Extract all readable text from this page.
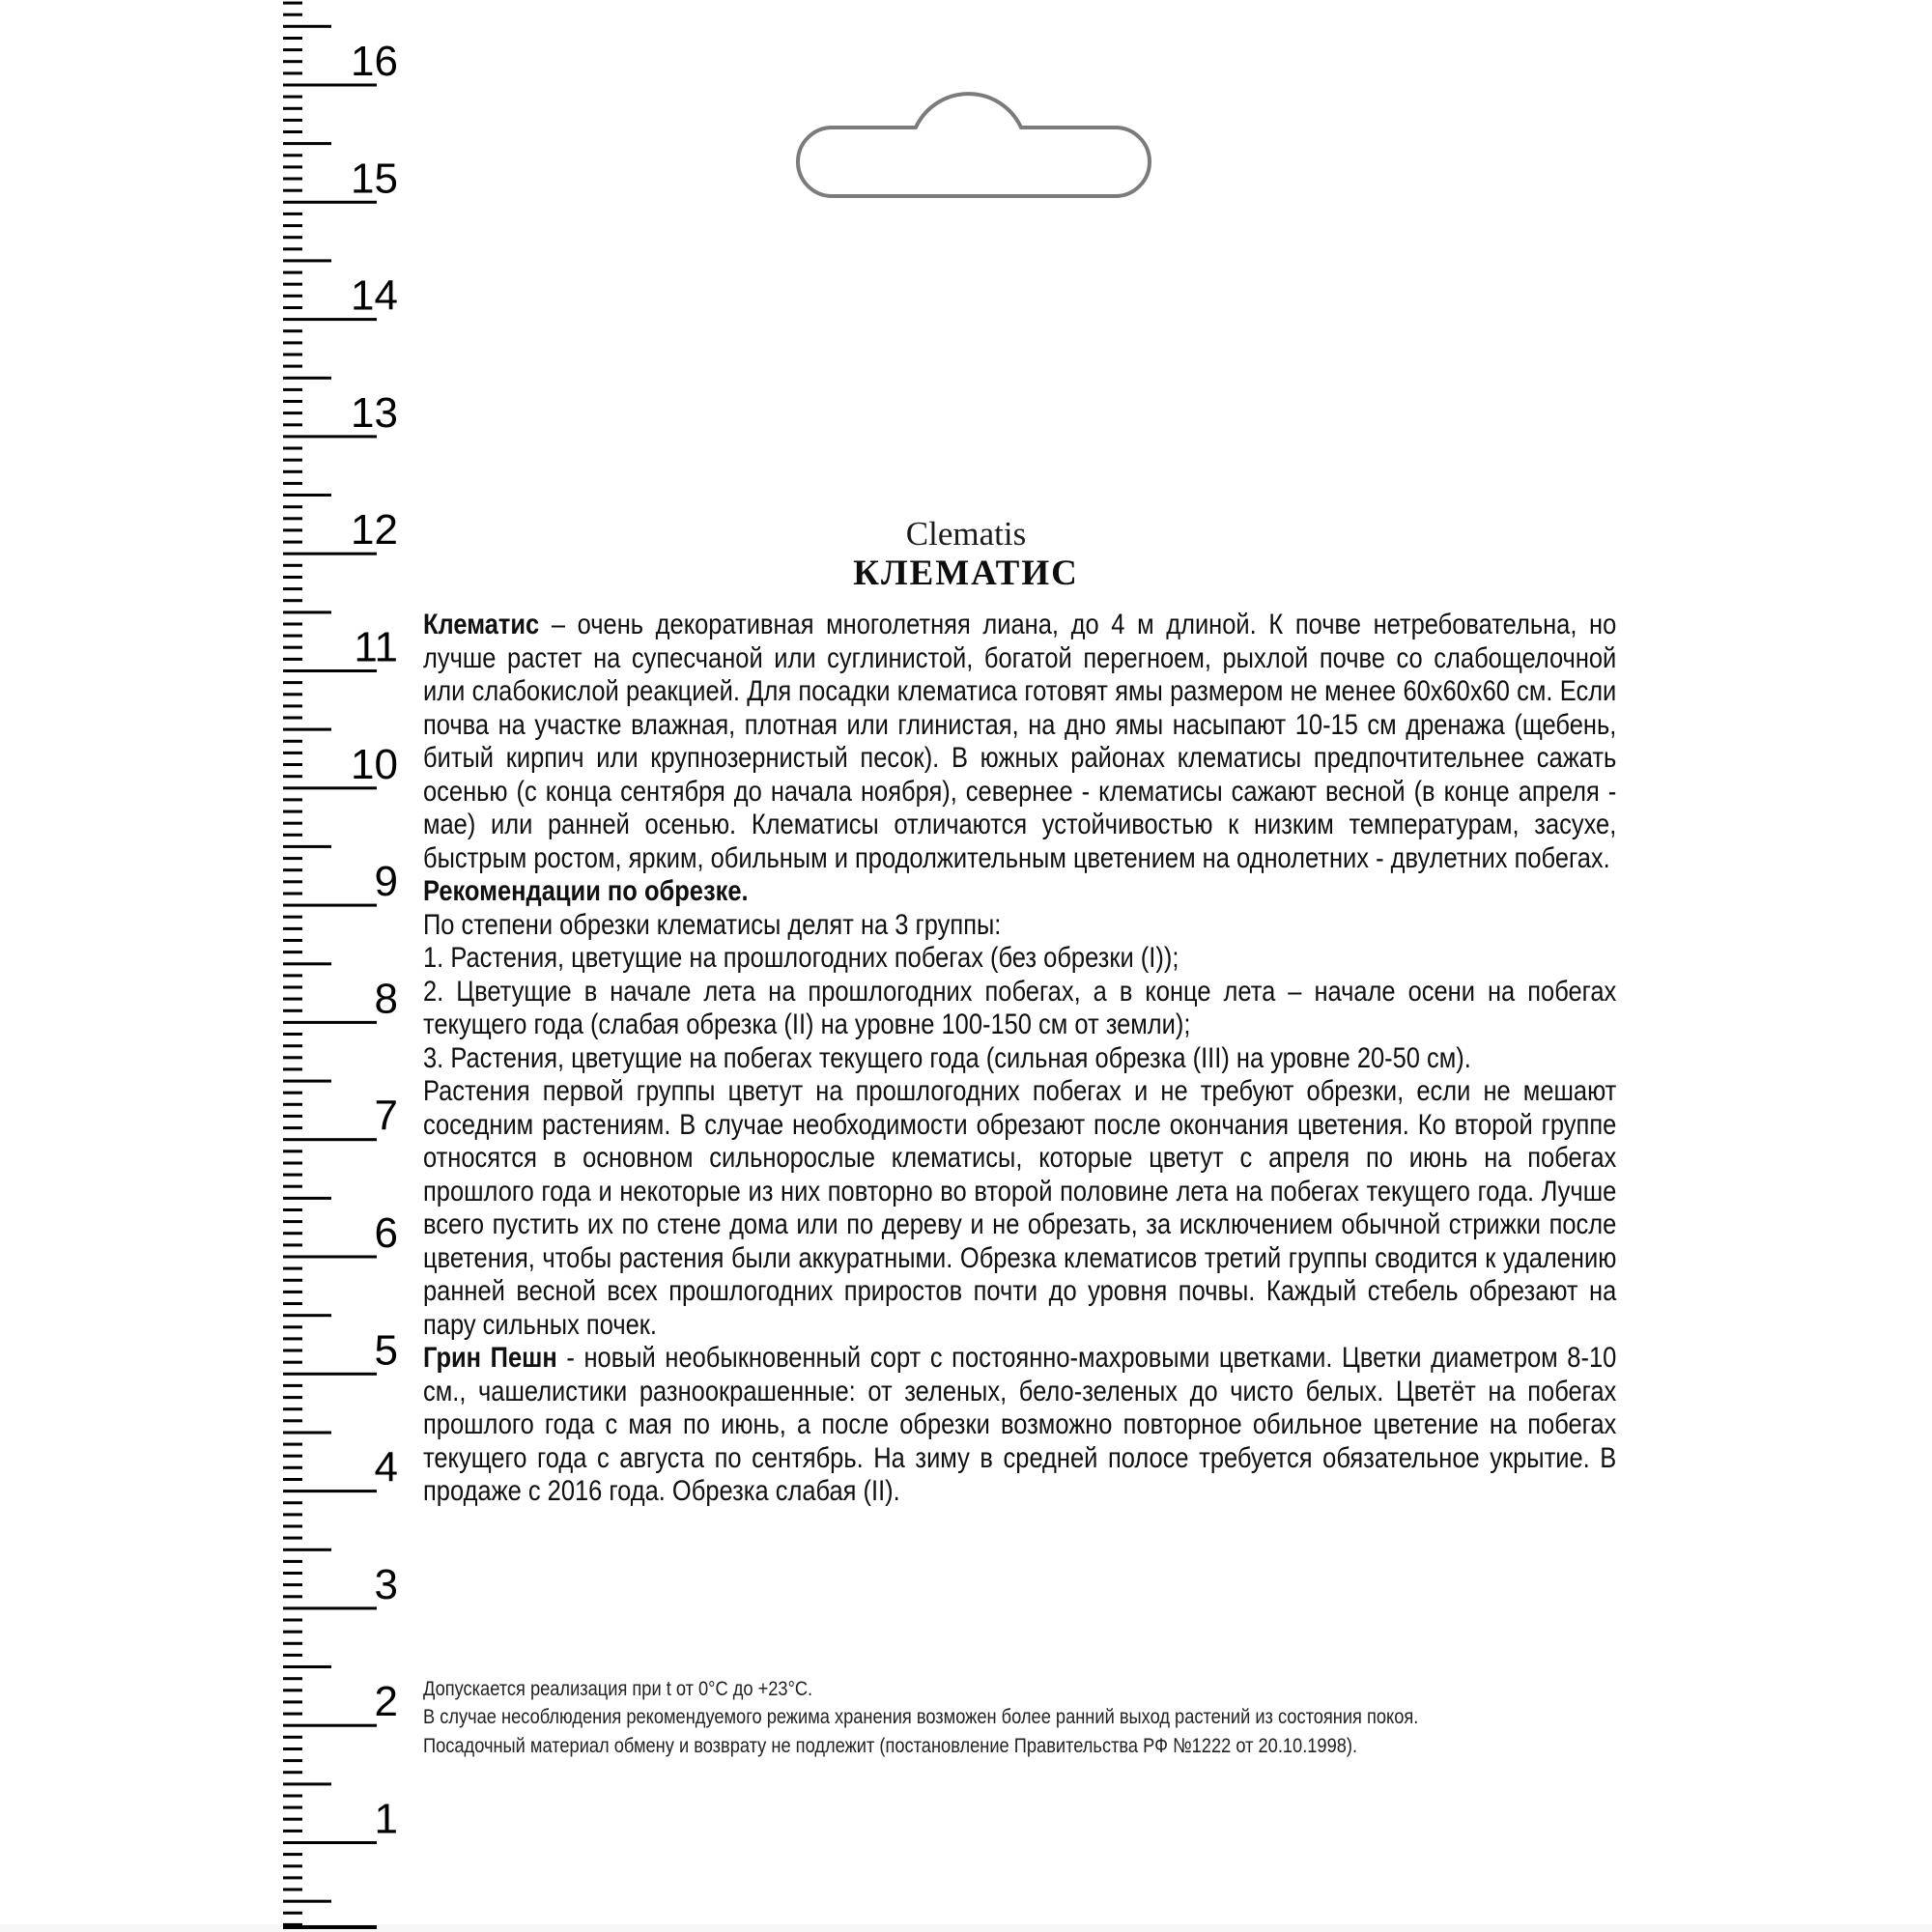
16
15
14
13
12
11
10
9
8
7
6
5
4
3
2
1
Clematis
КЛЕМАТИС

Клематис – очень декоративная многолетняя лиана, до 4 м длиной. К почве нетребовательна, но лучше растет на супесчаной или суглинистой, богатой перегноем, рыхлой почве со слабощелочной или слабокислой реакцией. Для посадки клематиса готовят ямы размером не менее 60х60х60 см. Если почва на участке влажная, плотная или глинистая, на дно ямы насыпают 10-15 см дренажа (щебень, битый кирпич или крупнозернистый песок). В южных районах клематисы предпочтительнее сажать осенью (с конца сентября до начала ноября), севернее - клематисы сажают весной (в конце апреля - мае) или ранней осенью. Клематисы отличаются устойчивостью к низким температурам, засухе, быстрым ростом, ярким, обильным и продолжительным цветением на однолетних - двулетних побегах.

Рекомендации по обрезке.

По степени обрезки клематисы делят на 3 группы:

1. Растения, цветущие на прошлогодних побегах (без обрезки (I));

2. Цветущие в начале лета на прошлогодних побегах, а в конце лета – начале осени на побегах текущего года (слабая обрезка (II) на уровне 100-150 см от земли);

3. Растения, цветущие на побегах текущего года (сильная обрезка (III) на уровне 20-50 см).

Растения первой группы цветут на прошлогодних побегах и не требуют обрезки, если не мешают соседним растениям. В случае необходимости обрезают после окончания цветения. Ко второй группе относятся в основном сильнорослые клематисы, которые цветут с апреля по июнь на побегах прошлого года и некоторые из них повторно во второй половине лета на побегах текущего года. Лучше всего пустить их по стене дома или по дереву и не обрезать, за исключением обычной стрижки после цветения, чтобы растения были аккуратными. Обрезка клематисов третий группы сводится к удалению ранней весной всех прошлогодних приростов почти до уровня почвы. Каждый стебель обрезают на пару сильных почек.

Грин Пешн - новый необыкновенный сорт с постоянно-махровыми цветками. Цветки диаметром 8-10 см., чашелистики разноокрашенные: от зеленых, бело-зеленых до чисто белых. Цветёт на побегах прошлого года с мая по июнь, а после обрезки возможно повторное обильное цветение на побегах текущего года с августа по сентябрь. На зиму в средней полосе требуется обязательное укрытие. В продаже с 2016 года. Обрезка слабая (II).

Допускается реализация при t от 0°С до +23°С.
В случае несоблюдения рекомендуемого режима хранения возможен более ранний выход растений из состояния покоя.
Посадочный материал обмену и возврату не подлежит (постановление Правительства РФ №1222 от 20.10.1998).
